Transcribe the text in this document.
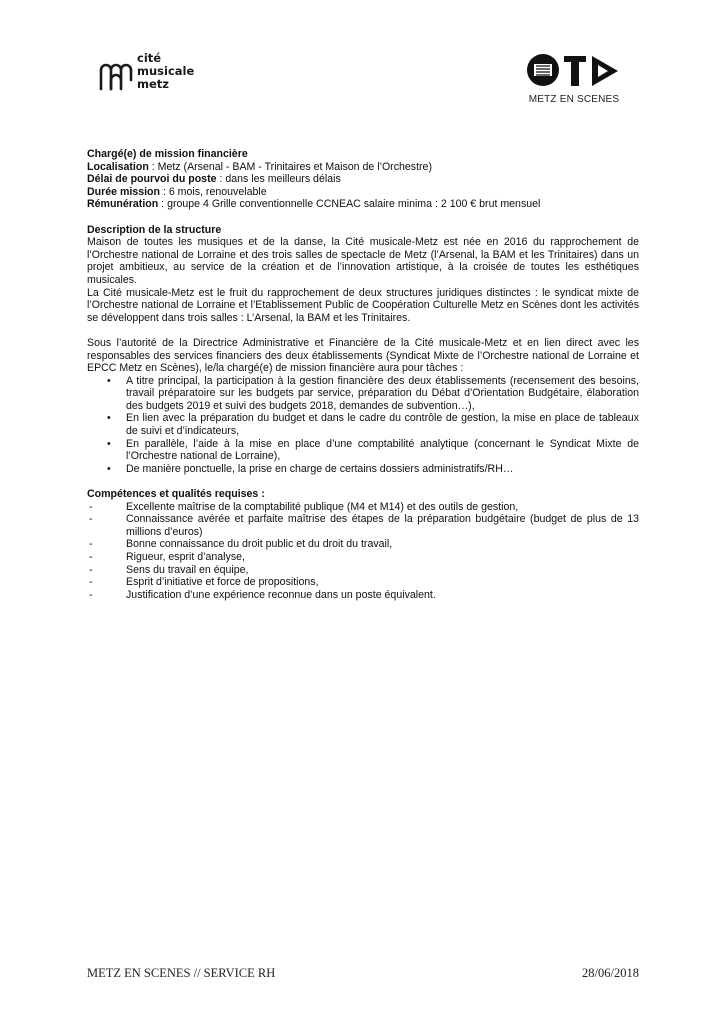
cité
musicale
metz
METZ EN SCENES

Chargé(e) de mission financière

Localisation : Metz (Arsenal - BAM - Trinitaires et Maison de l’Orchestre)

Délai de pourvoi du poste : dans les meilleurs délais

Durée mission : 6 mois, renouvelable

Rémunération : groupe 4 Grille conventionnelle CCNEAC salaire minima : 2 100 € brut mensuel

Description de la structure

Maison de toutes les musiques et de la danse, la Cité musicale-Metz est née en 2016 du rapprochement de l’Orchestre national de Lorraine et des trois salles de spectacle de Metz (l’Arsenal, la BAM et les Trinitaires) dans un projet ambitieux, au service de la création et de l’innovation artistique, à la croisée de toutes les esthétiques musicales.

La Cité musicale-Metz est le fruit du rapprochement de deux structures juridiques distinctes : le syndicat mixte de l’Orchestre national de Lorraine et l’Etablissement Public de Coopération Culturelle Metz en Scènes dont les activités se développent dans trois salles : L’Arsenal, la BAM et les Trinitaires.

Sous l’autorité de la Directrice Administrative et Financière de la Cité musicale-Metz et en lien direct avec les responsables des services financiers des deux établissements (Syndicat Mixte de l’Orchestre national de Lorraine et EPCC Metz en Scènes), le/la chargé(e) de mission financière aura pour tâches :

• A titre principal, la participation à la gestion financière des deux établissements (recensement des besoins, travail préparatoire sur les budgets par service, préparation du Débat d’Orientation Budgétaire, élaboration des budgets 2019 et suivi des budgets 2018, demandes de subvention…),
• En lien avec la préparation du budget et dans le cadre du contrôle de gestion, la mise en place de tableaux de suivi et d’indicateurs,
• En parallèle, l’aide à la mise en place d’une comptabilité analytique (concernant le Syndicat Mixte de l’Orchestre national de Lorraine),
• De manière ponctuelle, la prise en charge de certains dossiers administratifs/RH…

Compétences et qualités requises :

-	Excellente maîtrise de la comptabilité publique (M4 et M14) et des outils de gestion,
-	Connaissance avérée et parfaite maîtrise des étapes de la préparation budgétaire (budget de plus de 13 millions d’euros)
-	Bonne connaissance du droit public et du droit du travail,
-	Rigueur, esprit d’analyse,
-	Sens du travail en équipe,
-	Esprit d’initiative et force de propositions,
-	Justification d’une expérience reconnue dans un poste équivalent.
METZ EN SCENES // SERVICE RH	28/06/2018
